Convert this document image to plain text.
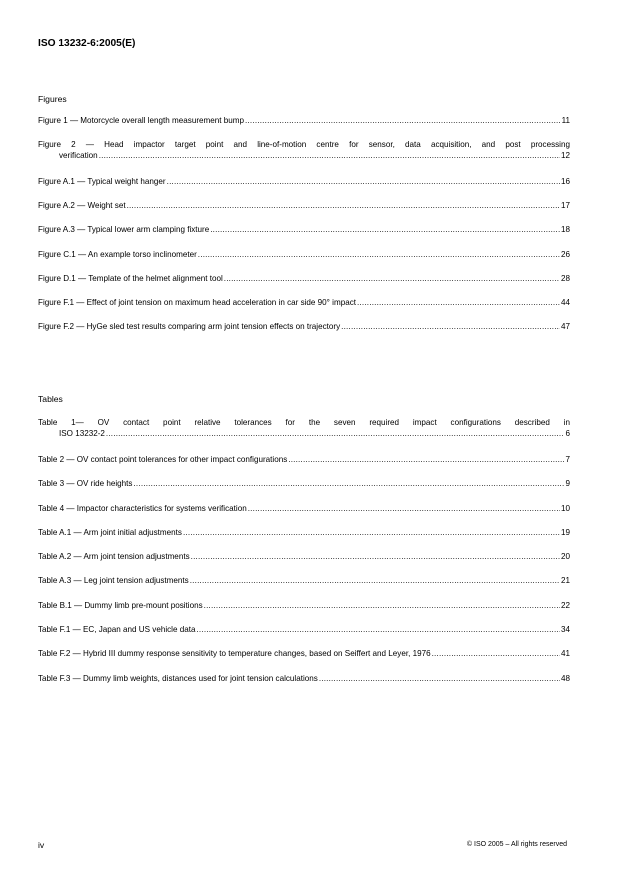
ISO 13232-6:2005(E)
Figures
Figure 1 — Motorcycle overall length measurement bump .....	11
Figure 2 — Head impactor target point and line-of-motion centre for sensor, data acquisition, and post processing
verification .....	12
Figure A.1 — Typical weight hanger .....	16
Figure A.2 — Weight set .....	17
Figure A.3 — Typical lower arm clamping fixture .....	18
Figure C.1 — An example torso inclinometer .....	26
Figure D.1 — Template of the helmet alignment tool .....	28
Figure F.1 — Effect of joint tension on maximum head acceleration in car side 90° impact .....	44
Figure F.2 — HyGe sled test results comparing arm joint tension effects on trajectory .....	47
Tables
Table 1— OV contact point relative tolerances for the seven required impact configurations described in
ISO 13232-2 .....	6
Table 2 — OV contact point tolerances for other impact configurations .....	7
Table 3 — OV ride heights .....	9
Table 4 — Impactor characteristics for systems verification .....	10
Table A.1 — Arm joint initial adjustments .....	19
Table A.2 — Arm joint tension adjustments .....	20
Table A.3 — Leg joint tension adjustments .....	21
Table B.1 — Dummy limb pre-mount positions .....	22
Table F.1 — EC, Japan and US vehicle data .....	34
Table F.2 — Hybrid III dummy response sensitivity to temperature changes, based on Seiffert and Leyer, 1976 .....	41
Table F.3 — Dummy limb weights, distances used for joint tension calculations .....	48
iv	© ISO 2005 – All rights reserved
